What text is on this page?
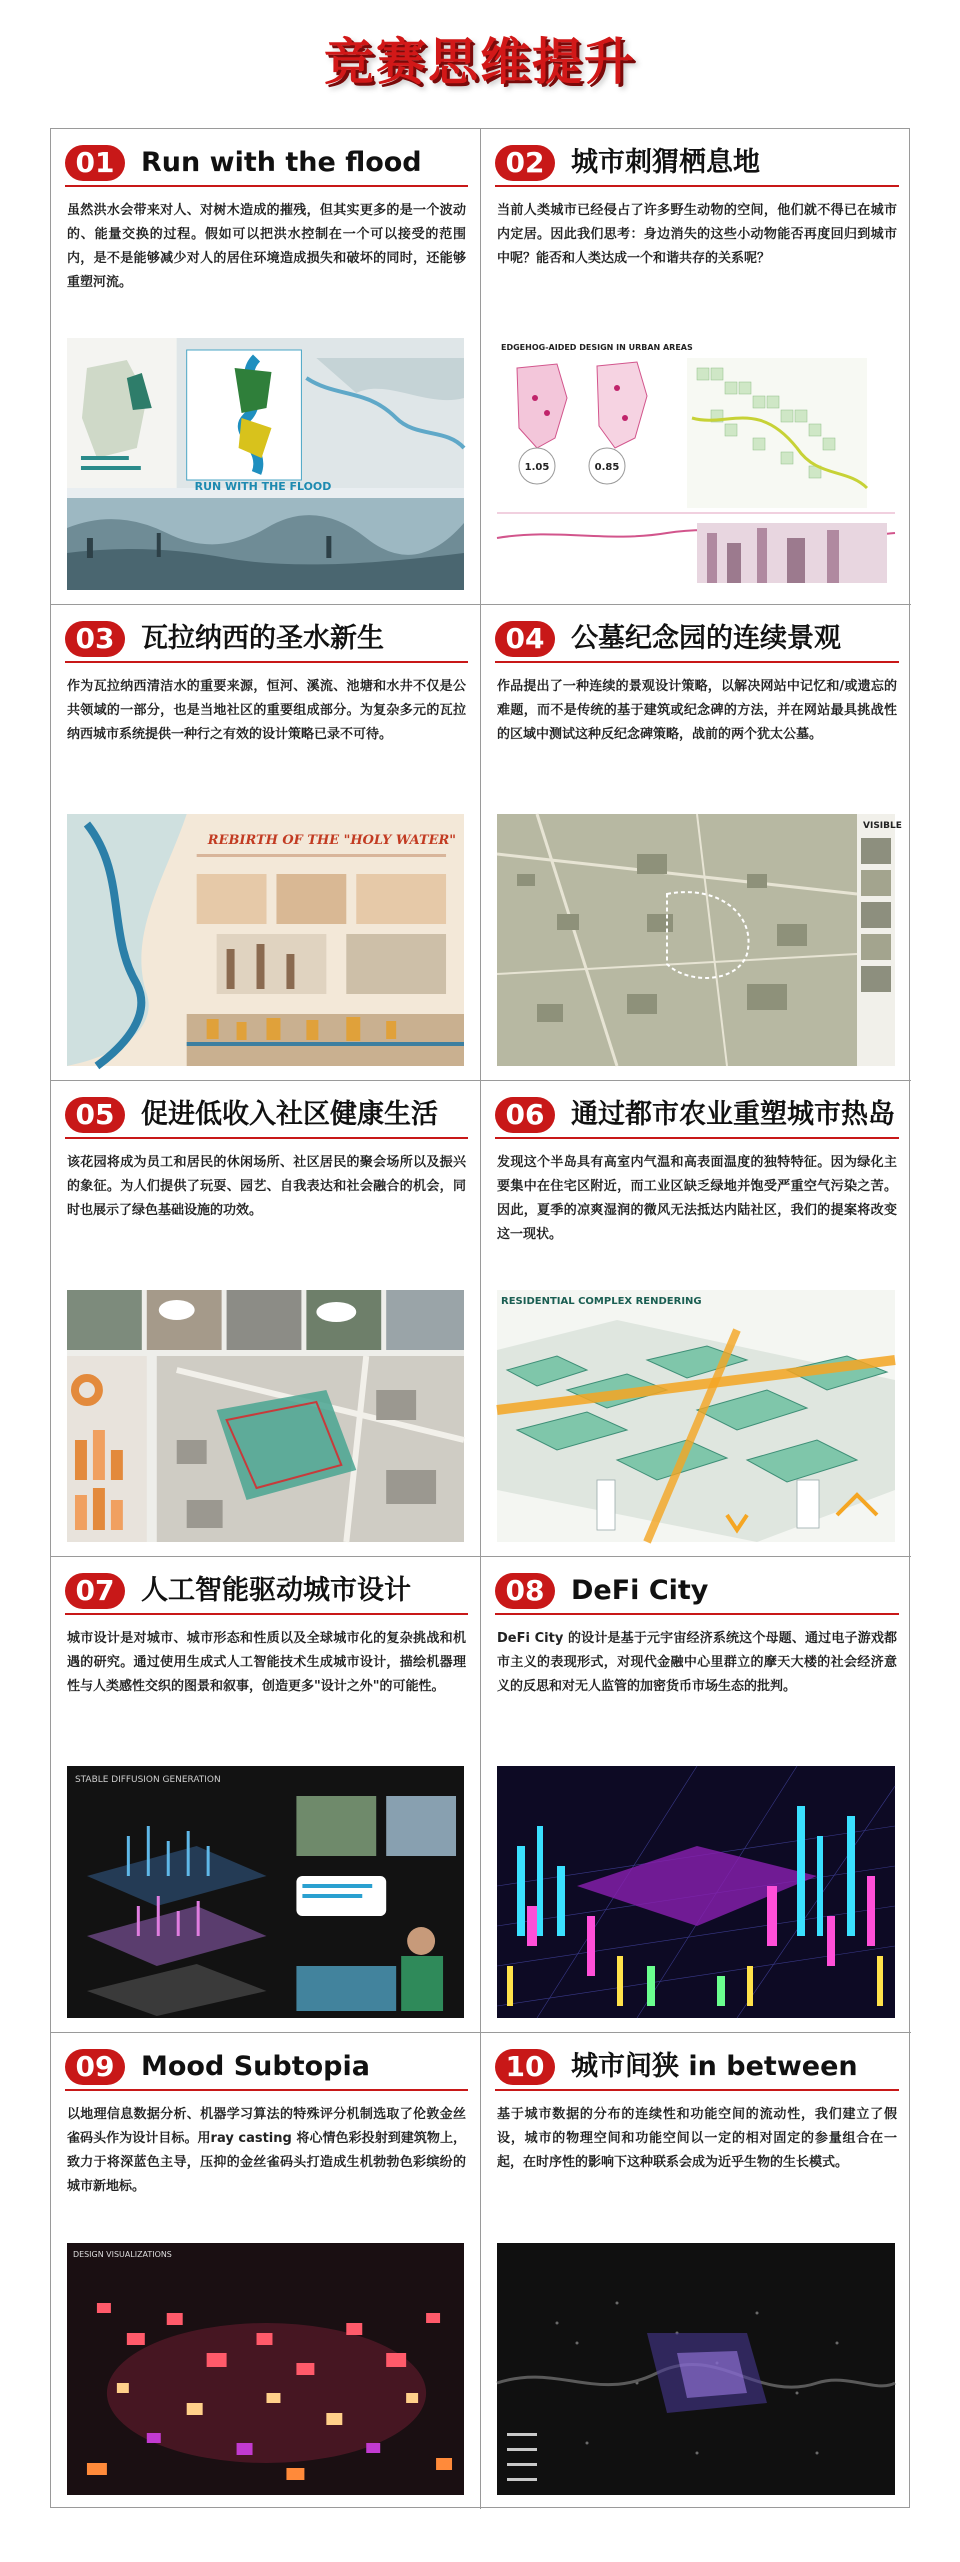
竞赛思维提升
01 Run with the flood
虽然洪水会带来对人、对树木造成的摧残，但其实更多的是一个波动的、能量交换的过程。假如可以把洪水控制在一个可以接受的范围内，是不是能够减少对人的居住环境造成损失和破坏的同时，还能够重塑河流。
RUN WITH THE FLOOD
02 城市刺猬栖息地
当前人类城市已经侵占了许多野生动物的空间，他们就不得已在城市内定居。因此我们思考：身边消失的这些小动物能否再度回归到城市中呢？能否和人类达成一个和谐共存的关系呢？
EDGEHOG-AIDED DESIGN IN URBAN AREAS
1.05	0.85
03 瓦拉纳西的圣水新生
作为瓦拉纳西清洁水的重要来源，恒河、溪流、池塘和水井不仅是公共领域的一部分，也是当地社区的重要组成部分。为复杂多元的瓦拉纳西城市系统提供一种行之有效的设计策略已录不可待。
REBIRTH OF THE "HOLY WATER"
04 公墓纪念园的连续景观
作品提出了一种连续的景观设计策略，以解决网站中记忆和/或遗忘的难题，而不是传统的基于建筑或纪念碑的方法，并在网站最具挑战性的区域中测试这种反纪念碑策略，战前的两个犹太公墓。
VISIBLE
05 促进低收入社区健康生活
该花园将成为员工和居民的休闲场所、社区居民的聚会场所以及振兴的象征。为人们提供了玩耍、园艺、自我表达和社会融合的机会，同时也展示了绿色基础设施的功效。
06 通过都市农业重塑城市热岛
发现这个半岛具有高室内气温和高表面温度的独特特征。因为绿化主要集中在住宅区附近，而工业区缺乏绿地并饱受严重空气污染之苦。因此，夏季的凉爽湿润的微风无法抵达内陆社区，我们的提案将改变这一现状。
RESIDENTIAL COMPLEX RENDERING
07 人工智能驱动城市设计
城市设计是对城市、城市形态和性质以及全球城市化的复杂挑战和机遇的研究。通过使用生成式人工智能技术生成城市设计，描绘机器理性与人类感性交织的图景和叙事，创造更多"设计之外"的可能性。
STABLE DIFFUSION GENERATION
08 DeFi City
DeFi City 的设计是基于元宇宙经济系统这个母题、通过电子游戏都市主义的表现形式，对现代金融中心里群立的摩天大楼的社会经济意义的反思和对无人监管的加密货币市场生态的批判。
09 Mood Subtopia
以地理信息数据分析、机器学习算法的特殊评分机制选取了伦敦金丝雀码头作为设计目标。用ray casting 将心情色彩投射到建筑物上，致力于将深蓝色主导，压抑的金丝雀码头打造成生机勃勃色彩缤纷的城市新地标。
DESIGN VISUALIZATIONS
10 城市间狭 in between
基于城市数据的分布的连续性和功能空间的流动性，我们建立了假设，城市的物理空间和功能空间以一定的相对固定的参量组合在一起，在时序性的影响下这种联系会成为近乎生物的生长模式。
